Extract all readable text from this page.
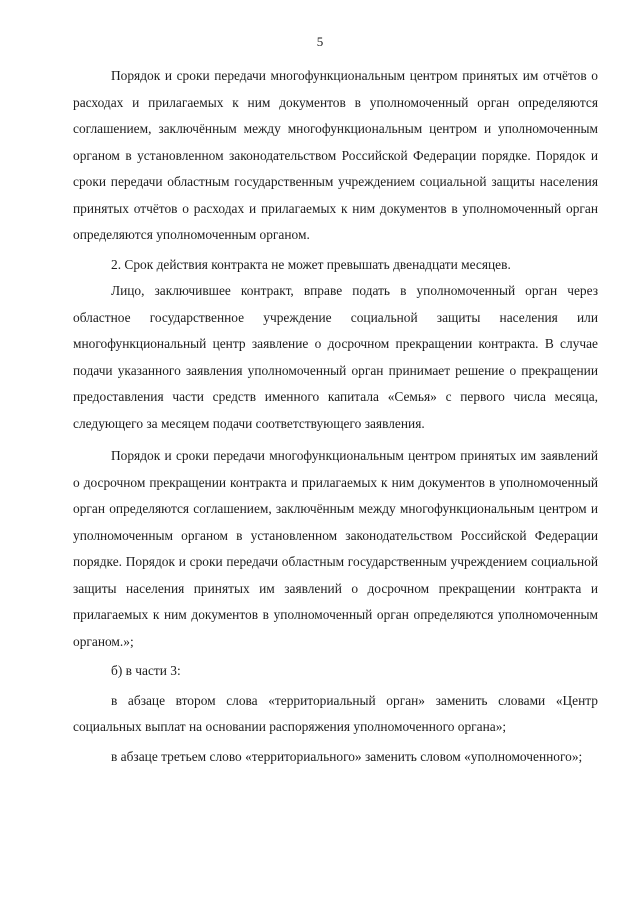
5

Порядок и сроки передачи многофункциональным центром принятых им отчётов о расходах и прилагаемых к ним документов в уполномоченный орган определяются соглашением, заключённым между многофункциональным центром и уполномоченным органом в установленном законодательством Российской Федерации порядке. Порядок и сроки передачи областным государственным учреждением социальной защиты населения принятых отчётов о расходах и прилагаемых к ним документов в уполномоченный орган определяются уполномоченным органом.

2. Срок действия контракта не может превышать двенадцати месяцев.

Лицо, заключившее контракт, вправе подать в уполномоченный орган через областное государственное учреждение социальной защиты населения или многофункциональный центр заявление о досрочном прекращении контракта. В случае подачи указанного заявления уполномоченный орган принимает решение о прекращении предоставления части средств именного капитала «Семья» с первого числа месяца, следующего за месяцем подачи соответствующего заявления.

Порядок и сроки передачи многофункциональным центром принятых им заявлений о досрочном прекращении контракта и прилагаемых к ним документов в уполномоченный орган определяются соглашением, заключённым между многофункциональным центром и уполномоченным органом в установленном законодательством Российской Федерации порядке. Порядок и сроки передачи областным государственным учреждением социальной защиты населения принятых им заявлений о досрочном прекращении контракта и прилагаемых к ним документов в уполномоченный орган определяются уполномоченным органом.»;

б) в части 3:

в абзаце втором слова «территориальный орган» заменить словами «Центр социальных выплат на основании распоряжения уполномоченного органа»;

в абзаце третьем слово «территориального» заменить словом «уполномоченного»;
